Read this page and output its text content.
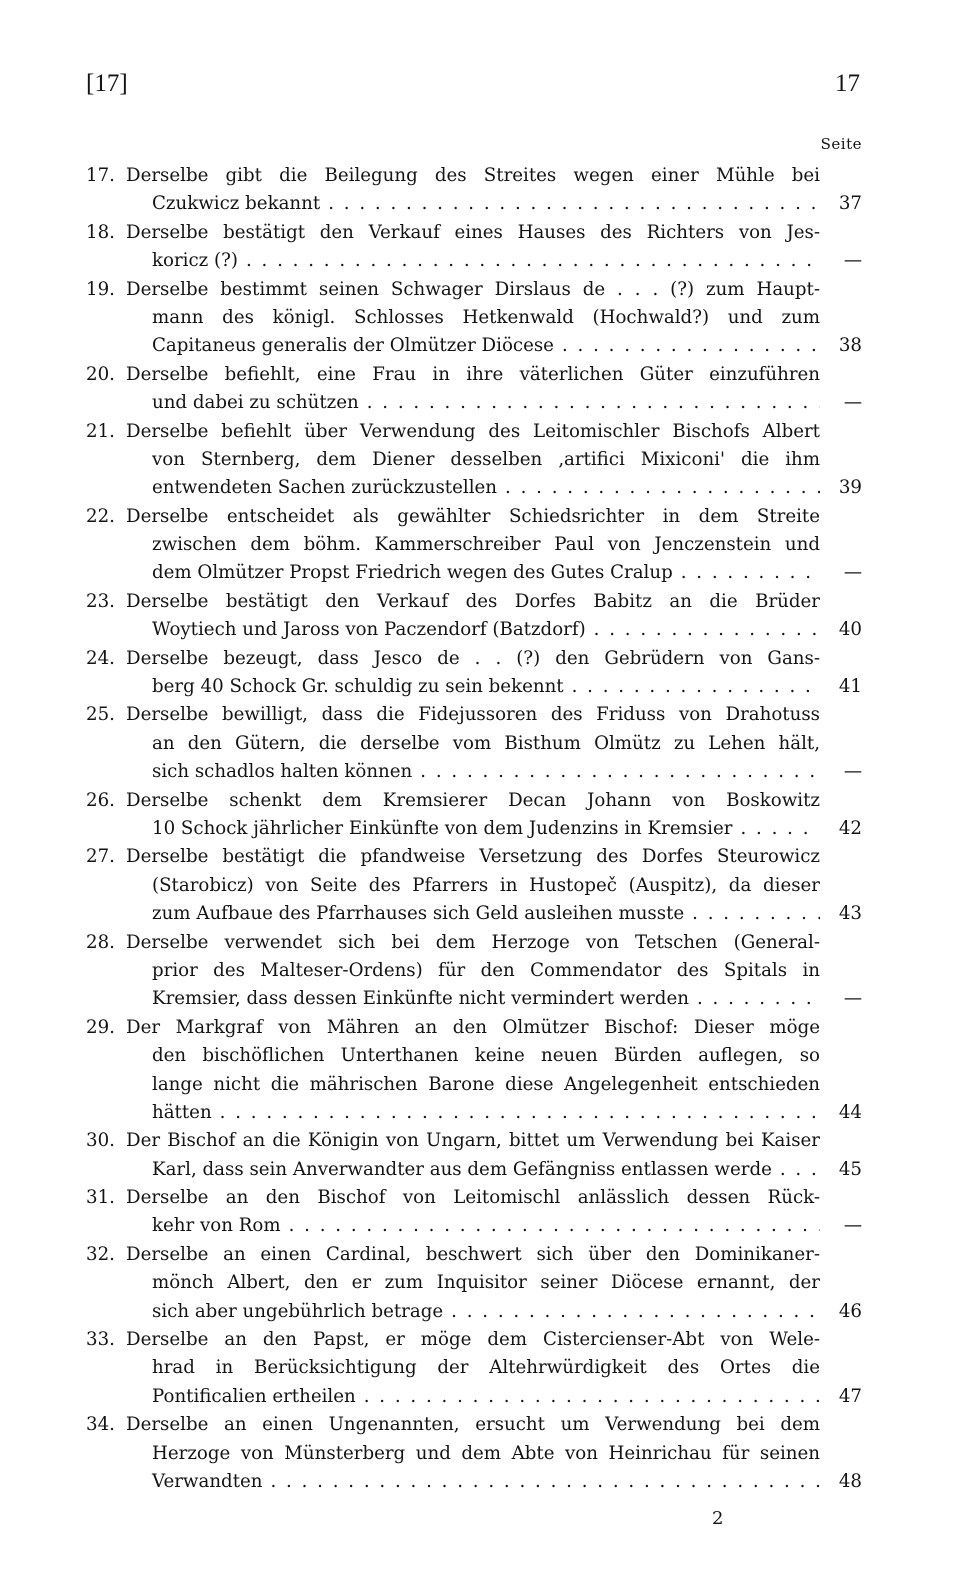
[17]	17
Seite
17. Derselbe gibt die Beilegung des Streites wegen einer Mühle bei
Czukwicz bekannt . . .	37
18. Derselbe bestätigt den Verkauf eines Hauses des Richters von Jes-
koricz (?) . . .	—
19. Derselbe bestimmt seinen Schwager Dirslaus de . . . (?) zum Haupt-
mann des königl. Schlosses Hetkenwald (Hochwald?) und zum
Capitaneus generalis der Olmützer Diöcese . . .	38
20. Derselbe befiehlt, eine Frau in ihre väterlichen Güter einzuführen
und dabei zu schützen . . .	—
21. Derselbe befiehlt über Verwendung des Leitomischler Bischofs Albert
von Sternberg, dem Diener desselben ‚artifici Mixiconi' die ihm
entwendeten Sachen zurückzustellen . . .	39
22. Derselbe entscheidet als gewählter Schiedsrichter in dem Streite
zwischen dem böhm. Kammerschreiber Paul von Jenczenstein und
dem Olmützer Propst Friedrich wegen des Gutes Cralup . . .	—
23. Derselbe bestätigt den Verkauf des Dorfes Babitz an die Brüder
Woytiech und Jaross von Paczendorf (Batzdorf) . . .	40
24. Derselbe bezeugt, dass Jesco de . . (?) den Gebrüdern von Gans-
berg 40 Schock Gr. schuldig zu sein bekennt . . .	41
25. Derselbe bewilligt, dass die Fidejussoren des Friduss von Drahotuss
an den Gütern, die derselbe vom Bisthum Olmütz zu Lehen hält,
sich schadlos halten können . . .	—
26. Derselbe schenkt dem Kremsierer Decan Johann von Boskowitz
10 Schock jährlicher Einkünfte von dem Judenzins in Kremsier . . .	42
27. Derselbe bestätigt die pfandweise Versetzung des Dorfes Steurowicz
(Starobicz) von Seite des Pfarrers in Hustopeč (Auspitz), da dieser
zum Aufbaue des Pfarrhauses sich Geld ausleihen musste . . .	43
28. Derselbe verwendet sich bei dem Herzoge von Tetschen (General-
prior des Malteser-Ordens) für den Commendator des Spitals in
Kremsier, dass dessen Einkünfte nicht vermindert werden . . .	—
29. Der Markgraf von Mähren an den Olmützer Bischof: Dieser möge
den bischöflichen Unterthanen keine neuen Bürden auflegen, so
lange nicht die mährischen Barone diese Angelegenheit entschieden
hätten . . .	44
30. Der Bischof an die Königin von Ungarn, bittet um Verwendung bei Kaiser
Karl, dass sein Anverwandter aus dem Gefängniss entlassen werde . . .	45
31. Derselbe an den Bischof von Leitomischl anlässlich dessen Rück-
kehr von Rom . . .	—
32. Derselbe an einen Cardinal, beschwert sich über den Dominikaner-
mönch Albert, den er zum Inquisitor seiner Diöcese ernannt, der
sich aber ungebührlich betrage . . .	46
33. Derselbe an den Papst, er möge dem Cistercienser-Abt von Wele-
hrad in Berücksichtigung der Altehrwürdigkeit des Ortes die
Pontificalien ertheilen . . .	47
34. Derselbe an einen Ungenannten, ersucht um Verwendung bei dem
Herzoge von Münsterberg und dem Abte von Heinrichau für seinen
Verwandten . . .	48
2
